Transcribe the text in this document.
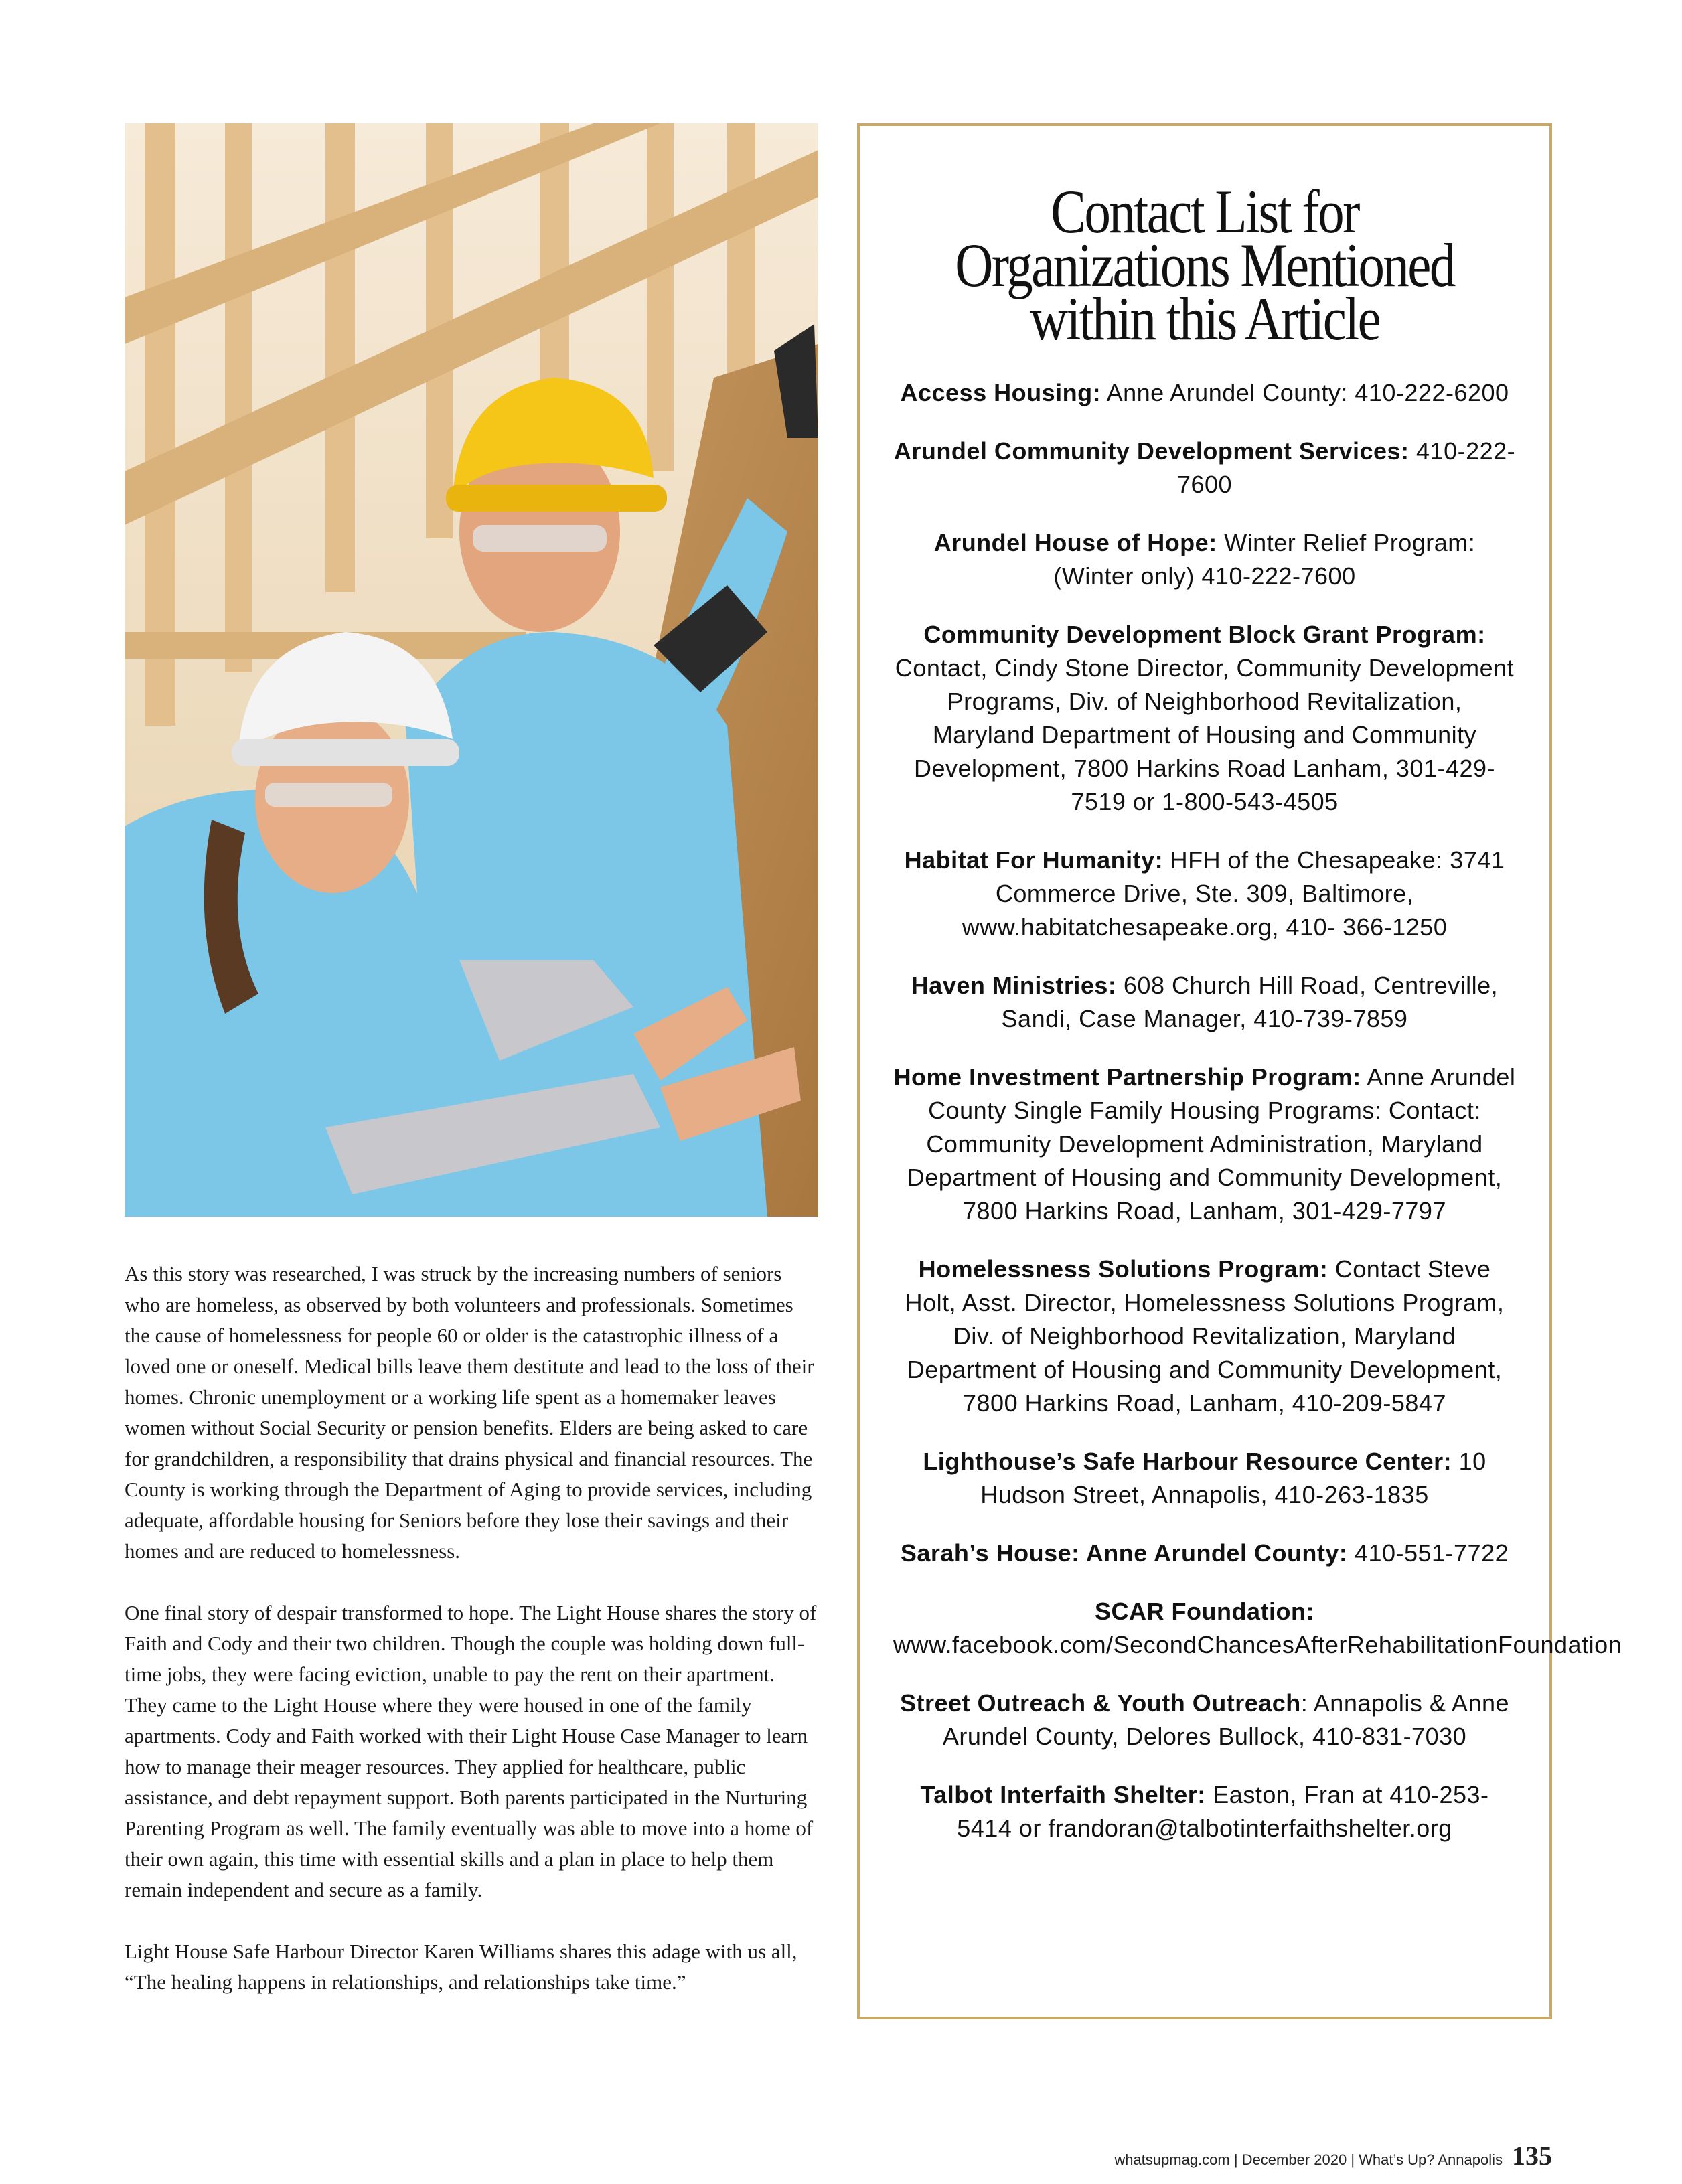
As this story was researched, I was struck by the increasing numbers of seniors who are homeless, as observed by both volunteers and professionals. Sometimes the cause of homelessness for people 60 or older is the catastrophic illness of a loved one or oneself. Medical bills leave them destitute and lead to the loss of their homes. Chronic unemployment or a working life spent as a homemaker leaves women without Social Security or pension benefits. Elders are being asked to care for grandchildren, a responsibility that drains physical and financial resources. The County is working through the Department of Aging to provide services, including adequate, affordable housing for Seniors before they lose their savings and their homes and are reduced to homelessness.

One final story of despair transformed to hope. The Light House shares the story of Faith and Cody and their two children. Though the couple was holding down full-time jobs, they were facing eviction, unable to pay the rent on their apartment. They came to the Light House where they were housed in one of the family apartments. Cody and Faith worked with their Light House Case Manager to learn how to manage their meager resources. They applied for healthcare, public assistance, and debt repayment support. Both parents participated in the Nurturing Parenting Program as well. The family eventually was able to move into a home of their own again, this time with essential skills and a plan in place to help them remain independent and secure as a family.

Light House Safe Harbour Director Karen Williams shares this adage with us all, “The healing happens in relationships, and relationships take time.”

Contact List for
Organizations Mentioned
within this Article
Access Housing: Anne Arundel County: 410-222-6200
Arundel Community Development Services: 410-222-7600
Arundel House of Hope: Winter Relief Program: (Winter only) 410-222-7600
Community Development Block Grant Program: Contact, Cindy Stone Director, Community Development Programs, Div. of Neighborhood Revitalization, Maryland Department of Housing and Community Development, 7800 Harkins Road Lanham, 301-429-7519 or 1-800-543-4505
Habitat For Humanity: HFH of the Chesapeake: 3741 Commerce Drive, Ste. 309, Baltimore, www.habitatchesapeake.org, 410- 366-1250
Haven Ministries: 608 Church Hill Road, Centreville, Sandi, Case Manager, 410-739-7859
Home Investment Partnership Program: Anne Arundel County Single Family Housing Programs: Contact: Community Development Administration, Maryland Department of Housing and Community Development, 7800 Harkins Road, Lanham, 301-429-7797
Homelessness Solutions Program: Contact Steve Holt, Asst. Director, Homelessness Solutions Program, Div. of Neighborhood Revitalization, Maryland Department of Housing and Community Development, 7800 Harkins Road, Lanham, 410-209-5847
Lighthouse’s Safe Harbour Resource Center: 10 Hudson Street, Annapolis, 410-263-1835
Sarah’s House: Anne Arundel County: 410-551-7722
SCAR Foundation: www.facebook.com/SecondChancesAfterRehabilitationFoundation
Street Outreach & Youth Outreach: Annapolis & Anne Arundel County, Delores Bullock, 410-831-7030
Talbot Interfaith Shelter: Easton, Fran at 410-253-5414 or frandoran@talbotinterfaithshelter.org
whatsupmag.com | December 2020 | What’s Up? Annapolis 135
